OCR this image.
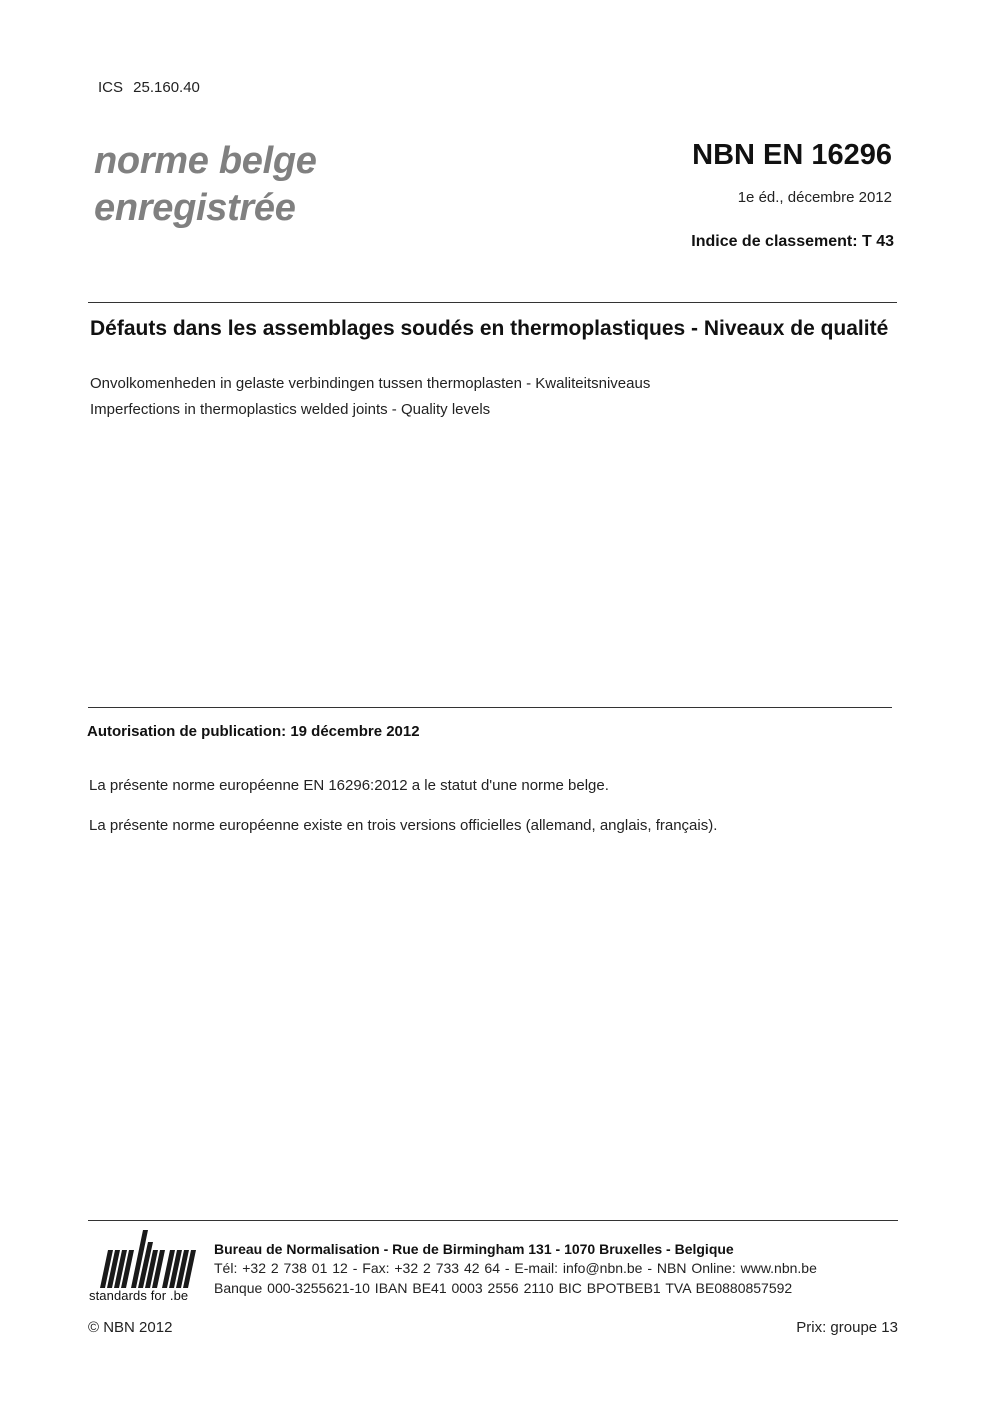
ICS 25.160.40
norme belge
enregistrée
NBN EN 16296
1e éd., décembre 2012
Indice de classement: T 43
Défauts dans les assemblages soudés en thermoplastiques - Niveaux de qualité
Onvolkomenheden in gelaste verbindingen tussen thermoplasten - Kwaliteitsniveaus
Imperfections in thermoplastics welded joints - Quality levels
Autorisation de publication: 19 décembre 2012
La présente norme européenne EN 16296:2012 a le statut d'une norme belge.
La présente norme européenne existe en trois versions officielles (allemand, anglais, français).
standards for .be
Bureau de Normalisation - Rue de Birmingham 131 - 1070 Bruxelles - Belgique
Tél: +32 2 738 01 12 - Fax: +32 2 733 42 64 - E-mail: info@nbn.be - NBN Online: www.nbn.be
Banque 000-3255621-10 IBAN BE41 0003 2556 2110 BIC BPOTBEB1 TVA BE0880857592
© NBN 2012	Prix: groupe 13
